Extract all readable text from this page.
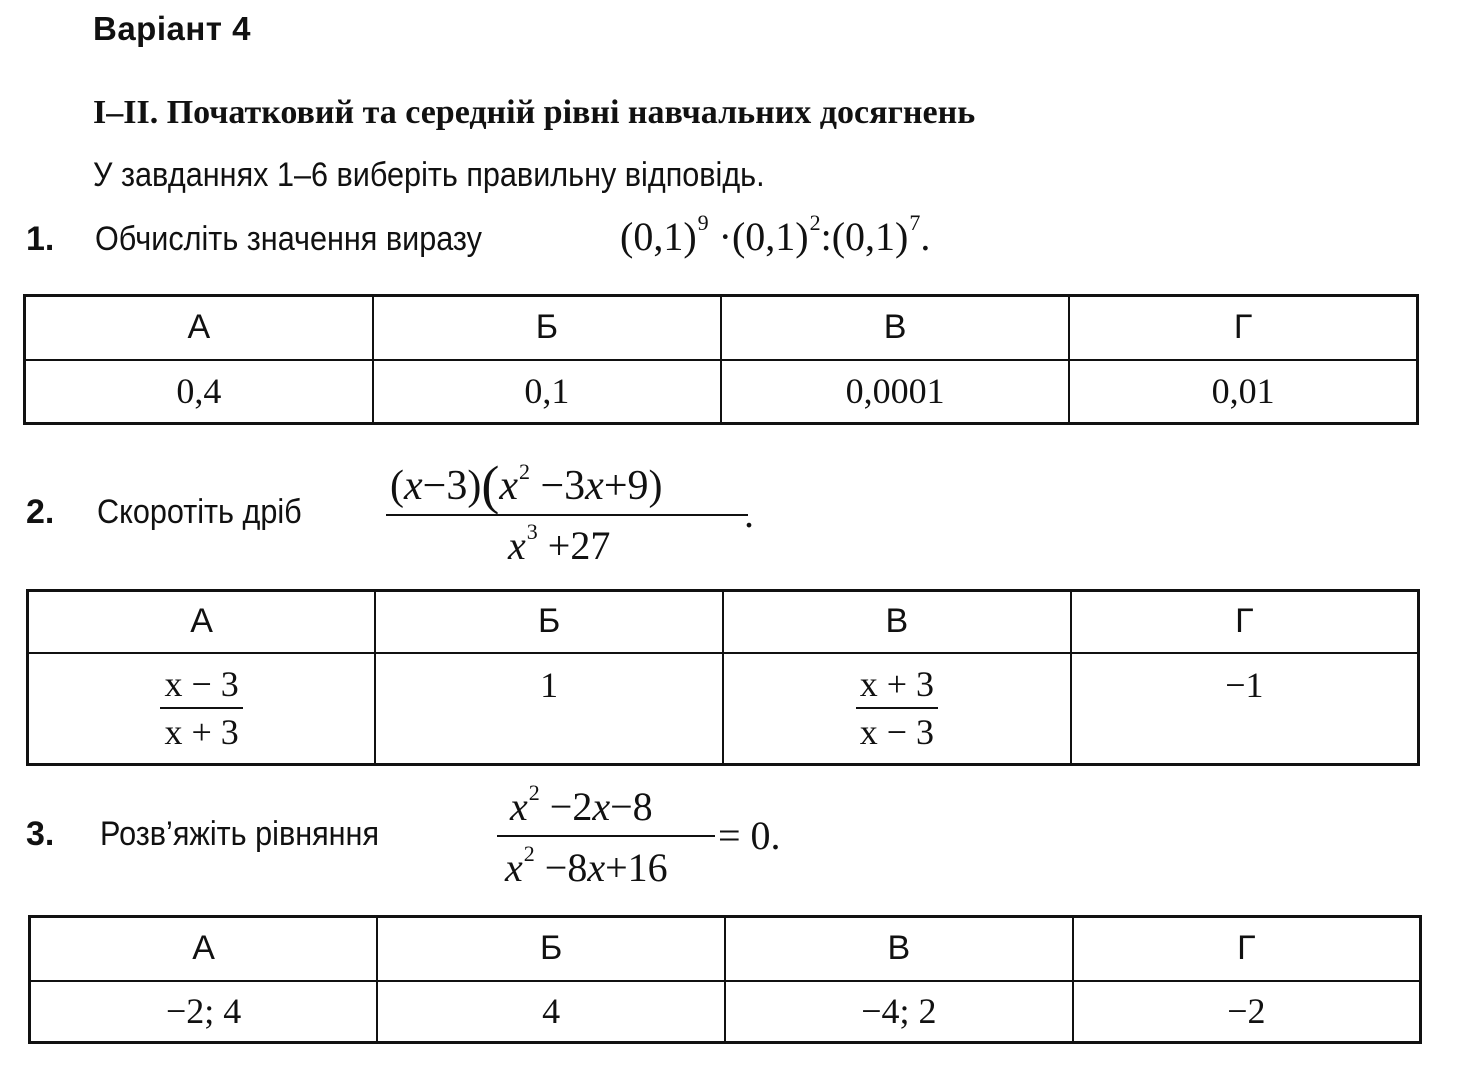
Варіант 4
I–II. Початковий та середній рівні навчальних досягнень
У завданнях 1–6 виберіть правильну відповідь.
1. Обчисліть значення виразу	$(0,1)^9$ $\cdot(0,1)^2:(0,1)^7$.
А	Б	В	Г
0,4	0,1	0,0001	0,01
2. Скоротіть дріб
$(x-3)(x^2 -3x+9)$
.
$x^3 +27$
А	Б	В	Г

$\frac{x - 3}{x + 3}$	1	$\frac{x + 3}{x - 3}$	−1
3. Розв’яжіть рівняння
$x^2 -2x-8$
= 0.
$x^2 -8x+16$
А	Б	В	Г
−2; 4	4	−4; 2	−2
